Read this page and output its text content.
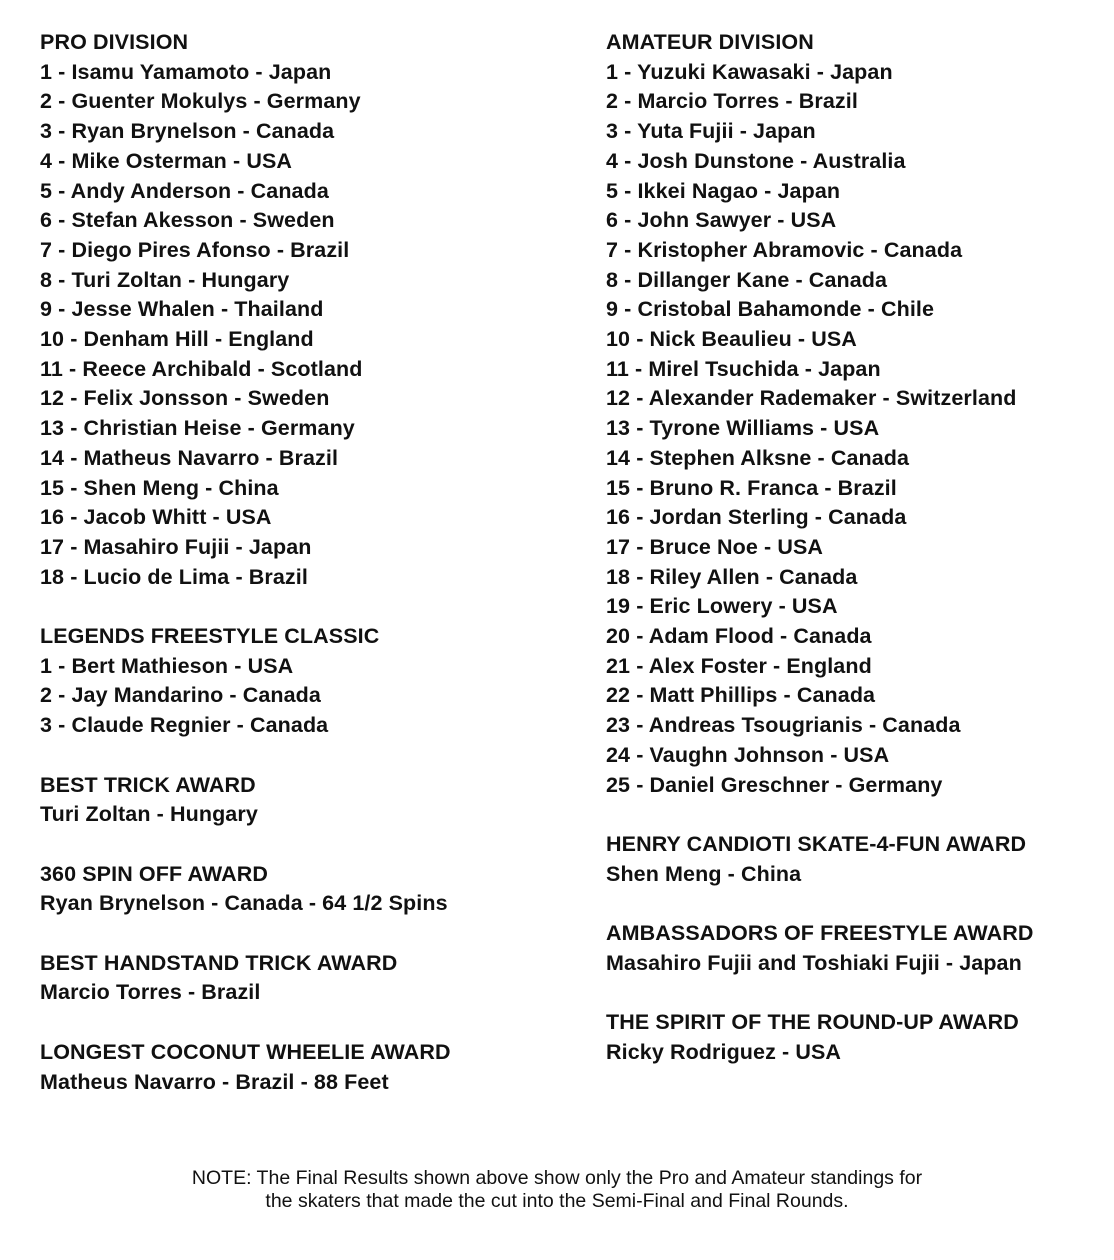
PRO DIVISION
1 - Isamu Yamamoto - Japan
2 - Guenter Mokulys - Germany
3 - Ryan Brynelson - Canada
4 - Mike Osterman - USA
5 - Andy Anderson - Canada
6 - Stefan Akesson - Sweden
7 - Diego Pires Afonso - Brazil
8 - Turi Zoltan - Hungary
9 - Jesse Whalen - Thailand
10 - Denham Hill - England
11 - Reece Archibald - Scotland
12 - Felix Jonsson - Sweden
13 - Christian Heise - Germany
14 - Matheus Navarro - Brazil
15 - Shen Meng - China
16 - Jacob Whitt - USA
17 - Masahiro Fujii - Japan
18 - Lucio de Lima - Brazil
LEGENDS FREESTYLE CLASSIC
1 - Bert Mathieson - USA
2 - Jay Mandarino - Canada
3 - Claude Regnier - Canada
BEST TRICK AWARD
Turi Zoltan - Hungary
360 SPIN OFF AWARD
Ryan Brynelson - Canada - 64 1/2 Spins
BEST HANDSTAND TRICK AWARD
Marcio Torres - Brazil
LONGEST COCONUT WHEELIE AWARD
Matheus Navarro - Brazil - 88 Feet
AMATEUR DIVISION
1 - Yuzuki Kawasaki - Japan
2 - Marcio Torres - Brazil
3 - Yuta Fujii - Japan
4 - Josh Dunstone - Australia
5 - Ikkei Nagao - Japan
6 - John Sawyer - USA
7 - Kristopher Abramovic - Canada
8 - Dillanger Kane - Canada
9 - Cristobal Bahamonde - Chile
10 - Nick Beaulieu - USA
11 - Mirel Tsuchida - Japan
12 - Alexander Rademaker - Switzerland
13 - Tyrone Williams - USA
14 - Stephen Alksne - Canada
15 - Bruno R. Franca - Brazil
16 - Jordan Sterling - Canada
17 - Bruce Noe - USA
18 - Riley Allen - Canada
19 - Eric Lowery - USA
20 - Adam Flood - Canada
21 - Alex Foster - England
22 - Matt Phillips - Canada
23 - Andreas Tsougrianis - Canada
24 - Vaughn Johnson - USA
25 - Daniel Greschner - Germany
HENRY CANDIOTI SKATE-4-FUN AWARD
Shen Meng - China
AMBASSADORS OF FREESTYLE AWARD
Masahiro Fujii and Toshiaki Fujii - Japan
THE SPIRIT OF THE ROUND-UP AWARD
Ricky Rodriguez - USA
NOTE: The Final Results shown above show only the Pro and Amateur standings for
the skaters that made the cut into the Semi-Final and Final Rounds.
